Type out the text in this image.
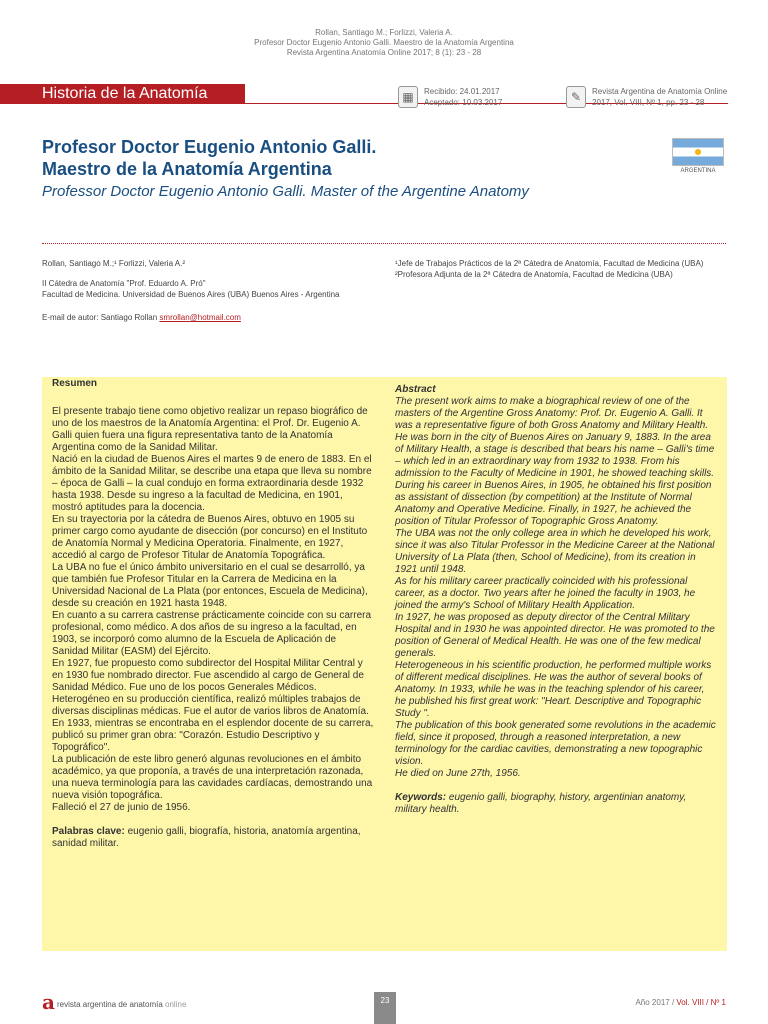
Rollan, Santiago M.; Forlizzi, Valeria A.
Profesor Doctor Eugenio Antonio Galli. Maestro de la Anatomía Argentina
Revista Argentina Anatomía Online 2017; 8 (1): 23 - 28
Historia de la Anatomía	▦	Recibido: 24.01.2017
Aceptado: 10.03.2017	✎	Revista Argentina de Anatomía Online
2017, Vol. VIII, Nº 1, pp. 23 - 28
Profesor Doctor Eugenio Antonio Galli.
Maestro de la Anatomía Argentina
Professor Doctor Eugenio Antonio Galli. Master of the Argentine Anatomy
ARGENTINA

Rollan, Santiago M.;¹ Forlizzi, Valeria A.²

II Cátedra de Anatomía "Prof. Eduardo A. Pró"
Facultad de Medicina. Universidad de Buenos Aires (UBA) Buenos Aires - Argentina

E-mail de autor: Santiago Rollan smrollan@hotmail.com

¹Jefe de Trabajos Prácticos de la 2ª Cátedra de Anatomía, Facultad de Medicina (UBA)

²Profesora Adjunta de la 2ª Cátedra de Anatomía, Facultad de Medicina (UBA)

Resumen

El presente trabajo tiene como objetivo realizar un repaso biográfico de uno de los maestros de la Anatomía Argentina: el Prof. Dr. Eugenio A. Galli quien fuera una figura representativa tanto de la Anatomía Argentina como de la Sanidad Militar.

Nació en la ciudad de Buenos Aires el martes 9 de enero de 1883. En el ámbito de la Sanidad Militar, se describe una etapa que lleva su nombre – época de Galli – la cual condujo en forma extraordinaria desde 1932 hasta 1938. Desde su ingreso a la facultad de Medicina, en 1901, mostró aptitudes para la docencia.

En su trayectoria por la cátedra de Buenos Aires, obtuvo en 1905 su primer cargo como ayudante de disección (por concurso) en el Instituto de Anatomía Normal y Medicina Operatoria. Finalmente, en 1927, accedió al cargo de Profesor Titular de Anatomía Topográfica.

La UBA no fue el único ámbito universitario en el cual se desarrolló, ya que también fue Profesor Titular en la Carrera de Medicina en la Universidad Nacional de La Plata (por entonces, Escuela de Medicina), desde su creación en 1921 hasta 1948.

En cuanto a su carrera castrense prácticamente coincide con su carrera profesional, como médico. A dos años de su ingreso a la facultad, en 1903, se incorporó como alumno de la Escuela de Aplicación de Sanidad Militar (EASM) del Ejército.

En 1927, fue propuesto como subdirector del Hospital Militar Central y en 1930 fue nombrado director. Fue ascendido al cargo de General de Sanidad Médico. Fue uno de los pocos Generales Médicos.

Heterogéneo en su producción científica, realizó múltiples trabajos de diversas disciplinas médicas. Fue el autor de varios libros de Anatomía. En 1933, mientras se encontraba en el esplendor docente de su carrera, publicó su primer gran obra: "Corazón. Estudio Descriptivo y Topográfico".

La publicación de este libro generó algunas revoluciones en el ámbito académico, ya que proponía, a través de una interpretación razonada, una nueva terminología para las cavidades cardíacas, demostrando una nueva visión topográfica.

Falleció el 27 de junio de 1956.

Palabras clave: eugenio galli, biografía, historia, anatomía argentina, sanidad militar.

Abstract

The present work aims to make a biographical review of one of the masters of the Argentine Gross Anatomy: Prof. Dr. Eugenio A. Galli. It was a representative figure of both Gross Anatomy and Military Health.

He was born in the city of Buenos Aires on January 9, 1883. In the area of Military Health, a stage is described that bears his name – Galli's time – which led in an extraordinary way from 1932 to 1938. From his admission to the Faculty of Medicine in 1901, he showed teaching skills.

During his career in Buenos Aires, in 1905, he obtained his first position as assistant of dissection (by competition) at the Institute of Normal Anatomy and Operative Medicine. Finally, in 1927, he achieved the position of Titular Professor of Topographic Gross Anatomy.

The UBA was not the only college area in which he developed his work, since it was also Titular Professor in the Medicine Career at the National University of La Plata (then, School of Medicine), from its creation in 1921 until 1948.

As for his military career practically coincided with his professional career, as a doctor. Two years after he joined the faculty in 1903, he joined the army's School of Military Health Application.

In 1927, he was proposed as deputy director of the Central Military Hospital and in 1930 he was appointed director. He was promoted to the position of General of Medical Health. He was one of the few medical generals.

Heterogeneous in his scientific production, he performed multiple works of different medical disciplines. He was the author of several books of Anatomy. In 1933, while he was in the teaching splendor of his career, he published his first great work: "Heart. Descriptive and Topographic Study ".

The publication of this book generated some revolutions in the academic field, since it proposed, through a reasoned interpretation, a new terminology for the cardiac cavities, demonstrating a new topographic vision.

He died on June 27th, 1956.

Keywords: eugenio galli, biography, history, argentinian anatomy, military health.

a revista argentina de anatomía online	23	Año 2017 / Vol. VIII / Nº 1
